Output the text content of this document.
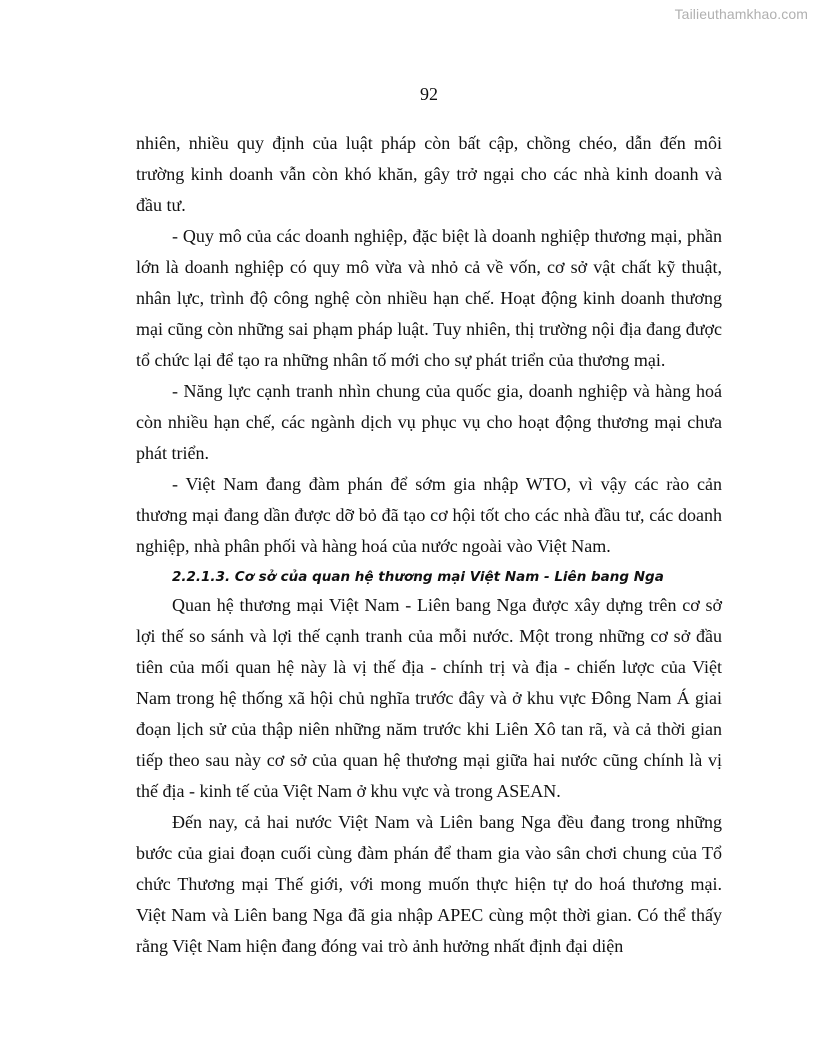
Tailieuthamkhao.com
92

nhiên, nhiều quy định của luật pháp còn bất cập, chồng chéo, dẫn đến môi trường kinh doanh vẫn còn khó khăn, gây trở ngại cho các nhà kinh doanh và đầu tư.

- Quy mô của các doanh nghiệp, đặc biệt là doanh nghiệp thương mại, phần lớn là doanh nghiệp có quy mô vừa và nhỏ cả về vốn, cơ sở vật chất kỹ thuật, nhân lực, trình độ công nghệ còn nhiều hạn chế. Hoạt động kinh doanh thương mại cũng còn những sai phạm pháp luật. Tuy nhiên, thị trường nội địa đang được tổ chức lại để tạo ra những nhân tố mới cho sự phát triển của thương mại.

- Năng lực cạnh tranh nhìn chung của quốc gia, doanh nghiệp và hàng hoá còn nhiều hạn chế, các ngành dịch vụ phục vụ cho hoạt động thương mại chưa phát triển.

- Việt Nam đang đàm phán để sớm gia nhập WTO, vì vậy các rào cản thương mại đang dần được dỡ bỏ đã tạo cơ hội tốt cho các nhà đầu tư, các doanh nghiệp, nhà phân phối và hàng hoá của nước ngoài vào Việt Nam.

2.2.1.3. Cơ sở của quan hệ thương mại Việt Nam - Liên bang Nga

Quan hệ thương mại Việt Nam - Liên bang Nga được xây dựng trên cơ sở lợi thế so sánh và lợi thế cạnh tranh của mỗi nước. Một trong những cơ sở đầu tiên của mối quan hệ này là vị thế địa - chính trị và địa - chiến lược của Việt Nam trong hệ thống xã hội chủ nghĩa trước đây và ở khu vực Đông Nam Á giai đoạn lịch sử của thập niên những năm trước khi Liên Xô tan rã, và cả thời gian tiếp theo sau này cơ sở của quan hệ thương mại giữa hai nước cũng chính là vị thế địa - kinh tế của Việt Nam ở khu vực và trong ASEAN.

Đến nay, cả hai nước Việt Nam và Liên bang Nga đều đang trong những bước của giai đoạn cuối cùng đàm phán để tham gia vào sân chơi chung của Tổ chức Thương mại Thế giới, với mong muốn thực hiện tự do hoá thương mại. Việt Nam và Liên bang Nga đã gia nhập APEC cùng một thời gian. Có thể thấy rằng Việt Nam hiện đang đóng vai trò ảnh hưởng nhất định đại diện
